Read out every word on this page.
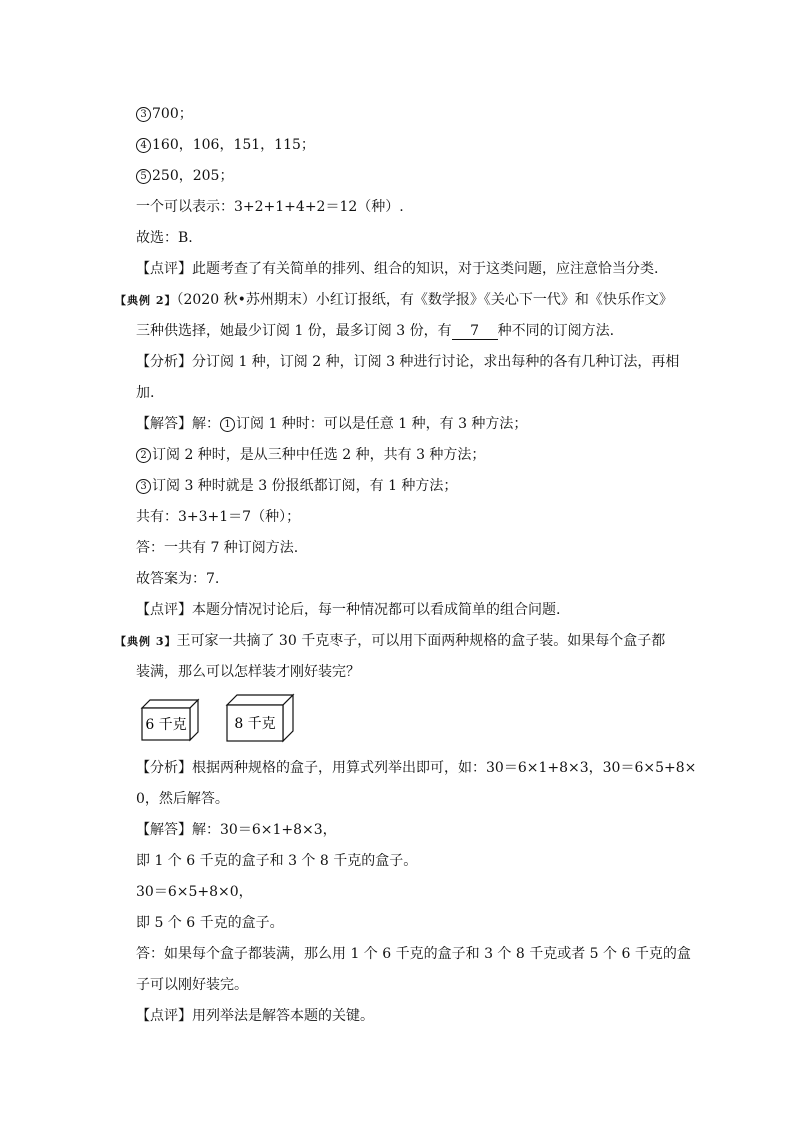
3 700；
4 160，106，151，115；
5 250，205；
一个可以表示：3+2+1+4+2＝12（种）.
故选：B.
【点评】此题考查了有关简单的排列、组合的知识，对于这类问题，应注意恰当分类.
【典例 2】（2020 秋•苏州期末）小红订报纸，有《数学报》《关心下一代》和《快乐作文》
三种供选择，她最少订阅 1 份，最多订阅 3 份，有 7 种不同的订阅方法.
【分析】分订阅 1 种，订阅 2 种，订阅 3 种进行讨论，求出每种的各有几种订法，再相
加.
【解答】解： 1 订阅 1 种时：可以是任意 1 种，有 3 种方法；
2 订阅 2 种时，是从三种中任选 2 种，共有 3 种方法；
3 订阅 3 种时就是 3 份报纸都订阅，有 1 种方法；
共有：3+3+1＝7（种）；
答：一共有 7 种订阅方法.
故答案为：7.
【点评】本题分情况讨论后，每一种情况都可以看成简单的组合问题.
【典例 3】王可家一共摘了 30 千克枣子，可以用下面两种规格的盒子装。如果每个盒子都
装满，那么可以怎样装才刚好装完？
6 千克	8 千克
【分析】根据两种规格的盒子，用算式列举出即可，如：30＝6×1+8×3，30＝6×5+8×
0，然后解答。
【解答】解：30＝6×1+8×3，
即 1 个 6 千克的盒子和 3 个 8 千克的盒子。
30＝6×5+8×0，
即 5 个 6 千克的盒子。
答：如果每个盒子都装满，那么用 1 个 6 千克的盒子和 3 个 8 千克或者 5 个 6 千克的盒
子可以刚好装完。
【点评】用列举法是解答本题的关键。
